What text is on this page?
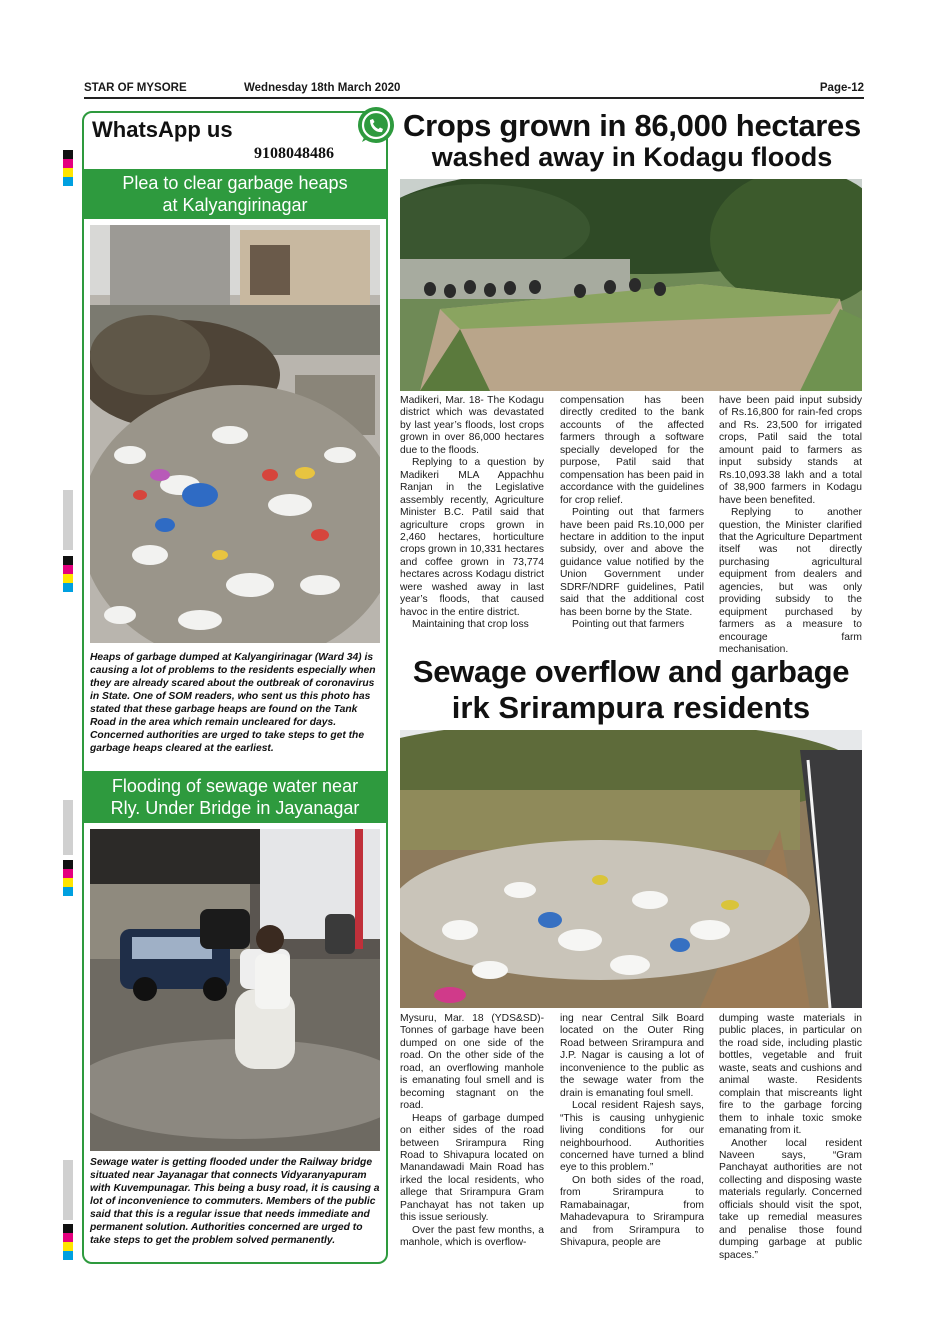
STAR OF MYSORE	Wednesday 18th March 2020	Page-12
WhatsApp us
9108048486
Plea to clear garbage heaps
at Kalyangirinagar
Heaps of garbage dumped at Kalyangirinagar (Ward 34) is causing a lot of problems to the residents especially when they are already scared about the outbreak of coronavirus in State. One of SOM readers, who sent us this photo has stated that these garbage heaps are found on the Tank Road in the area which remain uncleared for days. Concerned authorities are urged to take steps to get the garbage heaps cleared at the earliest.
Flooding of sewage water near
Rly. Under Bridge in Jayanagar
Sewage water is getting flooded under the Railway bridge situated near Jayanagar that connects Vidyaranyapuram with Kuvempunagar. This being a busy road, it is causing a lot of inconvenience to commuters. Members of the public said that this is a regular issue that needs immediate and permanent solution. Authorities concerned are urged to take steps to get the problem solved permanently.
Crops grown in 86,000 hectares
washed away in Kodagu floods

Madikeri, Mar. 18- The Kodagu district which was devastated by last year’s floods, lost crops grown in over 86,000 hectares due to the floods.

Replying to a question by Madikeri MLA Appachhu Ranjan in the Legislative assembly recently, Agriculture Minister B.C. Patil said that agriculture crops grown in 2,460 hectares, horticulture crops grown in 10,331 hectares and coffee grown in 73,774 hectares across Kodagu district were washed away in last year’s floods, that caused havoc in the entire district.

Maintaining that crop loss

compensation has been directly credited to the bank accounts of the affected farmers through a software specially developed for the purpose, Patil said that compensation has been paid in accordance with the guidelines for crop relief.

Pointing out that farmers have been paid Rs.10,000 per hectare in addition to the input subsidy, over and above the guidance value notified by the Union Government under SDRF/NDRF guidelines, Patil said that the additional cost has been borne by the State.

Pointing out that farmers

have been paid input subsidy of Rs.16,800 for rain-fed crops and Rs. 23,500 for irrigated crops, Patil said the total amount paid to farmers as input subsidy stands at Rs.10,093.38 lakh and a total of 38,900 farmers in Kodagu have been benefited.

Replying to another question, the Minister clarified that the Agriculture Department itself was not directly purchasing agricultural equipment from dealers and agencies, but was only providing subsidy to the equipment purchased by farmers as a measure to encourage farm mechanisation.

Sewage overflow and garbage
irk Srirampura residents

Mysuru, Mar. 18 (YDS&SD)- Tonnes of garbage have been dumped on one side of the road. On the other side of the road, an overflowing manhole is emanating foul smell and is becoming stagnant on the road.

Heaps of garbage dumped on either sides of the road between Srirampura Ring Road to Shivapura located on Manandawadi Main Road has irked the local residents, who allege that Srirampura Gram Panchayat has not taken up this issue seriously.

Over the past few months, a manhole, which is overflow-

ing near Central Silk Board located on the Outer Ring Road between Srirampura and J.P. Nagar is causing a lot of inconvenience to the public as the sewage water from the drain is emanating foul smell.

Local resident Rajesh says, “This is causing unhygienic living conditions for our neighbourhood. Authorities concerned have turned a blind eye to this problem.”

On both sides of the road, from Srirampura to Ramabainagar, from Mahadevapura to Srirampura and from Srirampura to Shivapura, people are

dumping waste materials in public places, in particular on the road side, including plastic bottles, vegetable and fruit waste, seats and cushions and animal waste. Residents complain that miscreants light fire to the garbage forcing them to inhale toxic smoke emanating from it.

Another local resident Naveen says, “Gram Panchayat authorities are not collecting and disposing waste materials regularly. Concerned officials should visit the spot, take up remedial measures and penalise those found dumping garbage at public spaces.”
